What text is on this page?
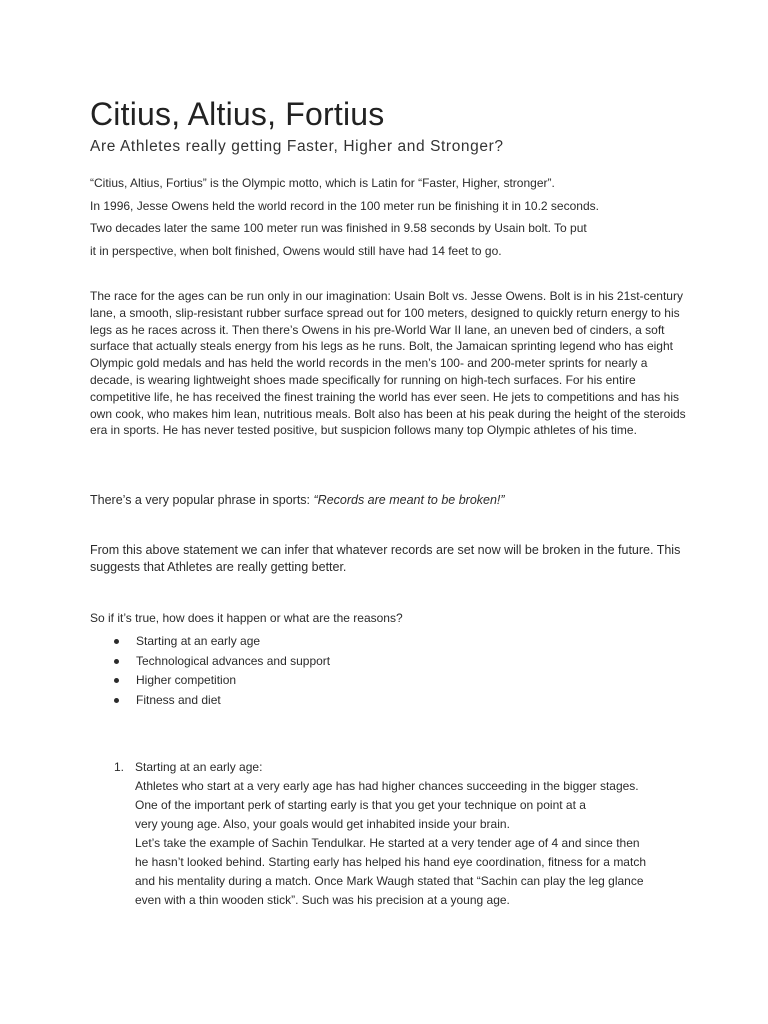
Citius, Altius, Fortius
Are Athletes really getting Faster, Higher and Stronger?

“Citius, Altius, Fortius” is the Olympic motto, which is Latin for “Faster, Higher, stronger”.

In 1996, Jesse Owens held the world record in the 100 meter run be finishing it in 10.2 seconds.

Two decades later the same 100 meter run was finished in 9.58 seconds by Usain bolt. To put

it in perspective, when bolt finished, Owens would still have had 14 feet to go.

The race for the ages can be run only in our imagination: Usain Bolt vs. Jesse Owens. Bolt is in his 21st-century lane, a smooth, slip-resistant rubber surface spread out for 100 meters, designed to quickly return energy to his legs as he races across it. Then there’s Owens in his pre-World War II lane, an uneven bed of cinders, a soft surface that actually steals energy from his legs as he runs. Bolt, the Jamaican sprinting legend who has eight Olympic gold medals and has held the world records in the men’s 100- and 200-meter sprints for nearly a decade, is wearing lightweight shoes made specifically for running on high-tech surfaces. For his entire competitive life, he has received the finest training the world has ever seen. He jets to competitions and has his own cook, who makes him lean, nutritious meals. Bolt also has been at his peak during the height of the steroids era in sports. He has never tested positive, but suspicion follows many top Olympic athletes of his time.

There’s a very popular phrase in sports: “Records are meant to be broken!”

From this above statement we can infer that whatever records are set now will be broken in the future. This suggests that Athletes are really getting better.

So if it’s true, how does it happen or what are the reasons?

Starting at an early age
Technological advances and support
Higher competition
Fitness and diet
1. Starting at an early age:

Athletes who start at a very early age has had higher chances succeeding in the bigger stages.

One of the important perk of starting early is that you get your technique on point at a

very young age. Also, your goals would get inhabited inside your brain.

Let’s take the example of Sachin Tendulkar. He started at a very tender age of 4 and since then

he hasn’t looked behind. Starting early has helped his hand eye coordination, fitness for a match

and his mentality during a match. Once Mark Waugh stated that “Sachin can play the leg glance

even with a thin wooden stick”. Such was his precision at a young age.
